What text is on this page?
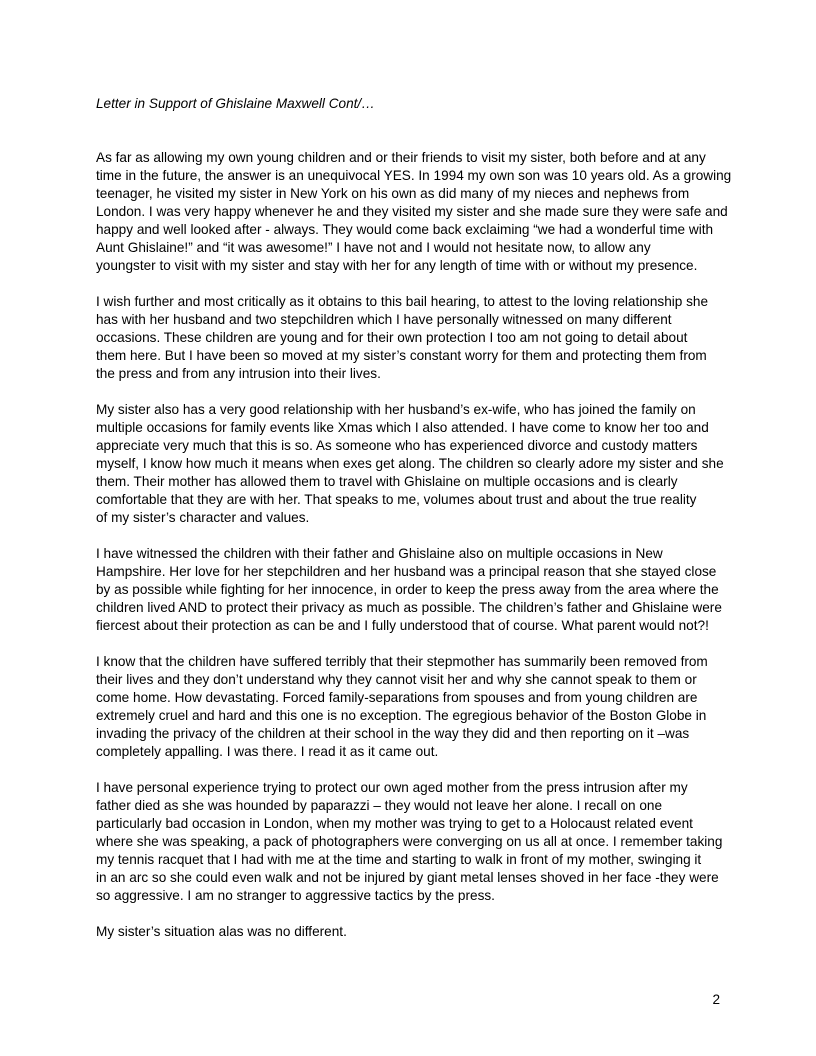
Letter in Support of Ghislaine Maxwell Cont/…

As far as allowing my own young children and or their friends to visit my sister, both before and at any
time in the future, the answer is an unequivocal YES. In 1994 my own son was 10 years old. As a growing
teenager, he visited my sister in New York on his own as did many of my nieces and nephews from
London. I was very happy whenever he and they visited my sister and she made sure they were safe and
happy and well looked after - always. They would come back exclaiming “we had a wonderful time with
Aunt Ghislaine!” and “it was awesome!” I have not and I would not hesitate now, to allow any
youngster to visit with my sister and stay with her for any length of time with or without my presence.

I wish further and most critically as it obtains to this bail hearing, to attest to the loving relationship she
has with her husband and two stepchildren which I have personally witnessed on many different
occasions. These children are young and for their own protection I too am not going to detail about
them here. But I have been so moved at my sister’s constant worry for them and protecting them from
the press and from any intrusion into their lives.

My sister also has a very good relationship with her husband’s ex-wife, who has joined the family on
multiple occasions for family events like Xmas which I also attended. I have come to know her too and
appreciate very much that this is so. As someone who has experienced divorce and custody matters
myself, I know how much it means when exes get along. The children so clearly adore my sister and she
them. Their mother has allowed them to travel with Ghislaine on multiple occasions and is clearly
comfortable that they are with her. That speaks to me, volumes about trust and about the true reality
of my sister’s character and values.

I have witnessed the children with their father and Ghislaine also on multiple occasions in New
Hampshire. Her love for her stepchildren and her husband was a principal reason that she stayed close
by as possible while fighting for her innocence, in order to keep the press away from the area where the
children lived AND to protect their privacy as much as possible. The children’s father and Ghislaine were
fiercest about their protection as can be and I fully understood that of course. What parent would not?!

I know that the children have suffered terribly that their stepmother has summarily been removed from
their lives and they don’t understand why they cannot visit her and why she cannot speak to them or
come home. How devastating. Forced family-separations from spouses and from young children are
extremely cruel and hard and this one is no exception. The egregious behavior of the Boston Globe in
invading the privacy of the children at their school in the way they did and then reporting on it –was
completely appalling. I was there. I read it as it came out.

I have personal experience trying to protect our own aged mother from the press intrusion after my
father died as she was hounded by paparazzi – they would not leave her alone. I recall on one
particularly bad occasion in London, when my mother was trying to get to a Holocaust related event
where she was speaking, a pack of photographers were converging on us all at once. I remember taking
my tennis racquet that I had with me at the time and starting to walk in front of my mother, swinging it
in an arc so she could even walk and not be injured by giant metal lenses shoved in her face -they were
so aggressive. I am no stranger to aggressive tactics by the press.

My sister’s situation alas was no different.

2
